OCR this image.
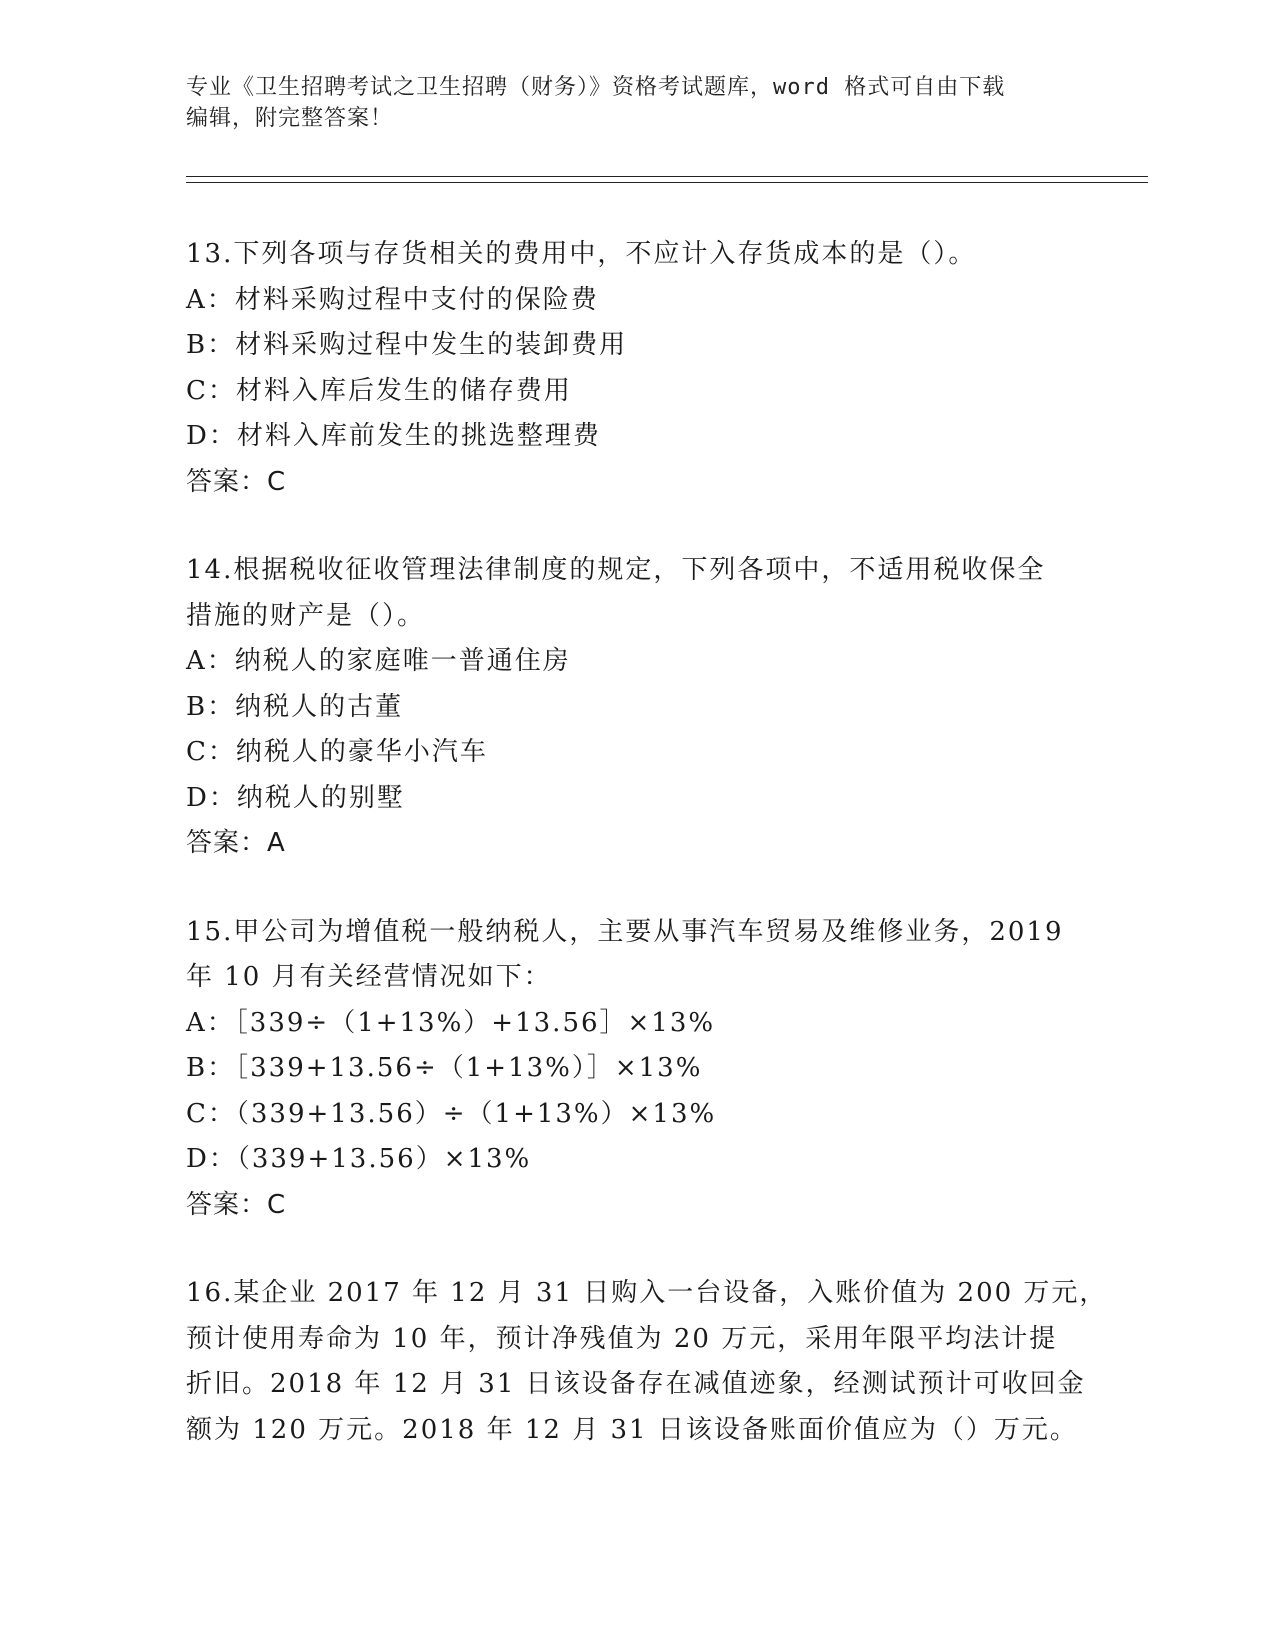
专业《卫生招聘考试之卫生招聘（财务）》资格考试题库，word 格式可自由下载
编辑，附完整答案！
13.下列各项与存货相关的费用中，不应计入存货成本的是（）。
A：材料采购过程中支付的保险费
B：材料采购过程中发生的装卸费用
C：材料入库后发生的储存费用
D：材料入库前发生的挑选整理费
答案：C
14.根据税收征收管理法律制度的规定，下列各项中，不适用税收保全
措施的财产是（）。
A：纳税人的家庭唯一普通住房
B：纳税人的古董
C：纳税人的豪华小汽车
D：纳税人的别墅
答案：A
15.甲公司为增值税一般纳税人，主要从事汽车贸易及维修业务，2019
年 10 月有关经营情况如下：
A：［339÷（1+13%）+13.56］×13%
B：［339+13.56÷（1+13%）］×13%
C：（339+13.56）÷（1+13%）×13%
D：（339+13.56）×13%
答案：C
16.某企业 2017 年 12 月 31 日购入一台设备，入账价值为 200 万元，
预计使用寿命为 10 年，预计净残值为 20 万元，采用年限平均法计提
折旧。2018 年 12 月 31 日该设备存在减值迹象，经测试预计可收回金
额为 120 万元。2018 年 12 月 31 日该设备账面价值应为（）万元。
